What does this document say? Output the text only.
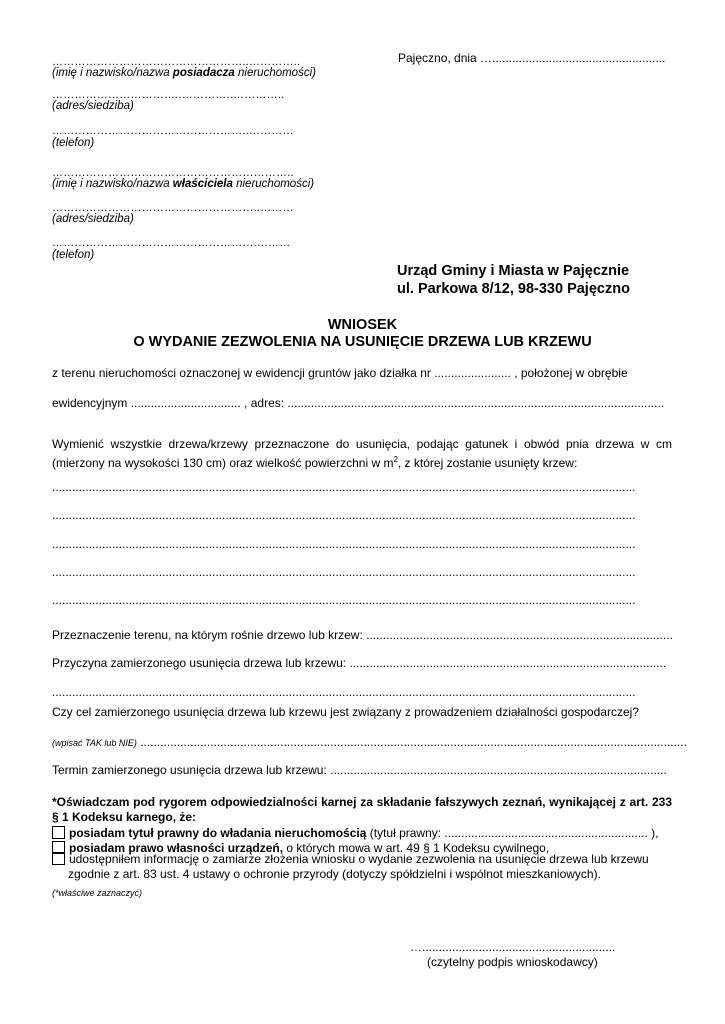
……………………………………………..…………..
(imię i nazwisko/nazwa posiadacza nieruchomości)
……………………………..…………..…………..
(adres/siedziba)
……………………………………………..…………
(telefon)
………………………………………………………..
(imię i nazwisko/nazwa właściciela nieruchomości)
………………………………………………..………
(adres/siedziba)
……………………………………………….………
(telefon)
Pajęczno, dnia …....................................................
Urząd Gminy i Miasta w Pajęcznie
ul. Parkowa 8/12, 98-330 Pajęczno
WNIOSEK
O WYDANIE ZEZWOLENIA NA USUNIĘCIE DRZEWA LUB KRZEWU
z terenu nieruchomości oznaczonej w ewidencji gruntów jako działka nr ....................... , położonej w obrębie
ewidencyjnym ................................. , adres: .................................................................................................................
Wymienić wszystkie drzewa/krzewy przeznaczone do usunięcia, podając gatunek i obwód pnia drzewa w cm (mierzony na wysokości 130 cm) oraz wielkość powierzchni w $m^2$, z której zostanie usunięty krzew:
...............................................................................................................................................................................
...............................................................................................................................................................................
...............................................................................................................................................................................
...............................................................................................................................................................................
...............................................................................................................................................................................
Przeznaczenie terenu, na którym rośnie drzewo lub krzew: ............................................................................................
Przyczyna zamierzonego usunięcia drzewa lub krzewu: ...............................................................................................
...............................................................................................................................................................................
Czy cel zamierzonego usunięcia drzewa lub krzewu jest związany z prowadzeniem działalności gospodarczej?
(wpisać TAK lub NIE) ....................................................................................................................................................................
Termin zamierzonego usunięcia drzewa lub krzewu: .....................................................................................................
*Oświadczam pod rygorem odpowiedzialności karnej za składanie fałszywych zeznań, wynikającej z art. 233 § 1 Kodeksu karnego, że:
posiadam tytuł prawny do władania nieruchomością (tytuł prawny: ............................................................. ),
posiadam prawo własności urządzeń, o których mowa w art. 49 § 1 Kodeksu cywilnego,
udostępniłem informację o zamiarze złożenia wniosku o wydanie zezwolenia na usunięcie drzewa lub krzewu
zgodnie z art. 83 ust. 4 ustawy o ochronie przyrody (dotyczy spółdzielni i wspólnot mieszkaniowych).
(*właściwe zaznaczyć)
…..........................................................
(czytelny podpis wnioskodawcy)
